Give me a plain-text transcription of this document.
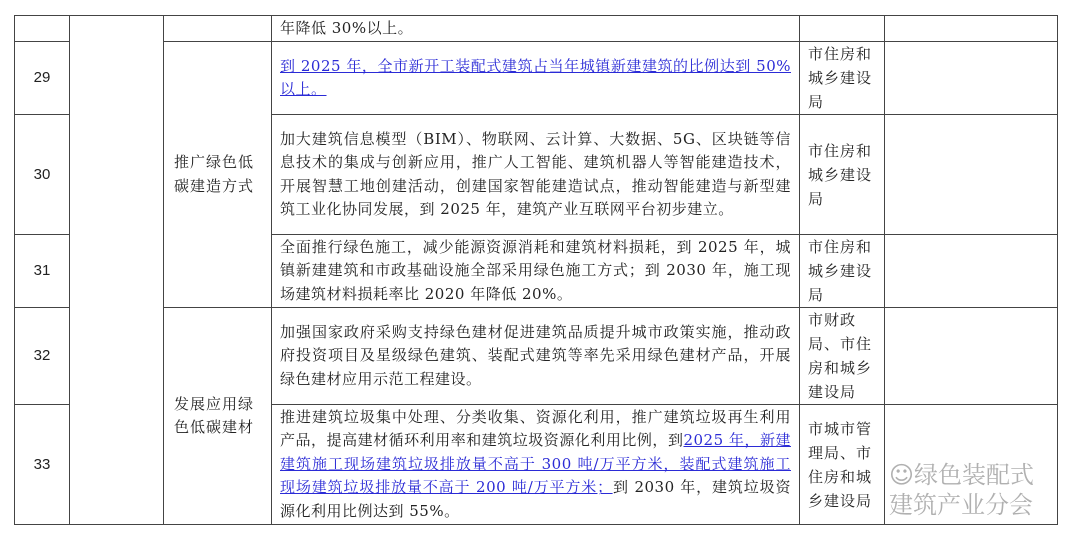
			年降低 30%以上。		
29		推广绿色低碳建造方式	到 2025 年，全市新开工装配式建筑占当年城镇新建建筑的比例达到 50%以上。	市住房和城乡建设局	
30			加大建筑信息模型（BIM）、物联网、云计算、大数据、5G、区块链等信息技术的集成与创新应用，推广人工智能、建筑机器人等智能建造技术，开展智慧工地创建活动，创建国家智能建造试点，推动智能建造与新型建筑工业化协同发展，到 2025 年，建筑产业互联网平台初步建立。	市住房和城乡建设局	
31			全面推行绿色施工，减少能源资源消耗和建筑材料损耗，到 2025 年，城镇新建建筑和市政基础设施全部采用绿色施工方式；到 2030 年，施工现场建筑材料损耗率比 2020 年降低 20%。	市住房和城乡建设局	
32		发展应用绿色低碳建材	加强国家政府采购支持绿色建材促进建筑品质提升城市政策实施，推动政府投资项目及星级绿色建筑、装配式建筑等率先采用绿色建材产品，开展绿色建材应用示范工程建设。	市财政局、市住房和城乡建设局	
33			推进建筑垃圾集中处理、分类收集、资源化利用，推广建筑垃圾再生利用产品，提高建材循环利用率和建筑垃圾资源化利用比例，到2025 年，新建建筑施工现场建筑垃圾排放量不高于 300 吨/万平方米，装配式建筑施工现场建筑垃圾排放量不高于 200 吨/万平方米；到 2030 年，建筑垃圾资源化利用比例达到 55%。	市城市管理局、市住房和城乡建设局	☺绿色装配式建筑产业分会
